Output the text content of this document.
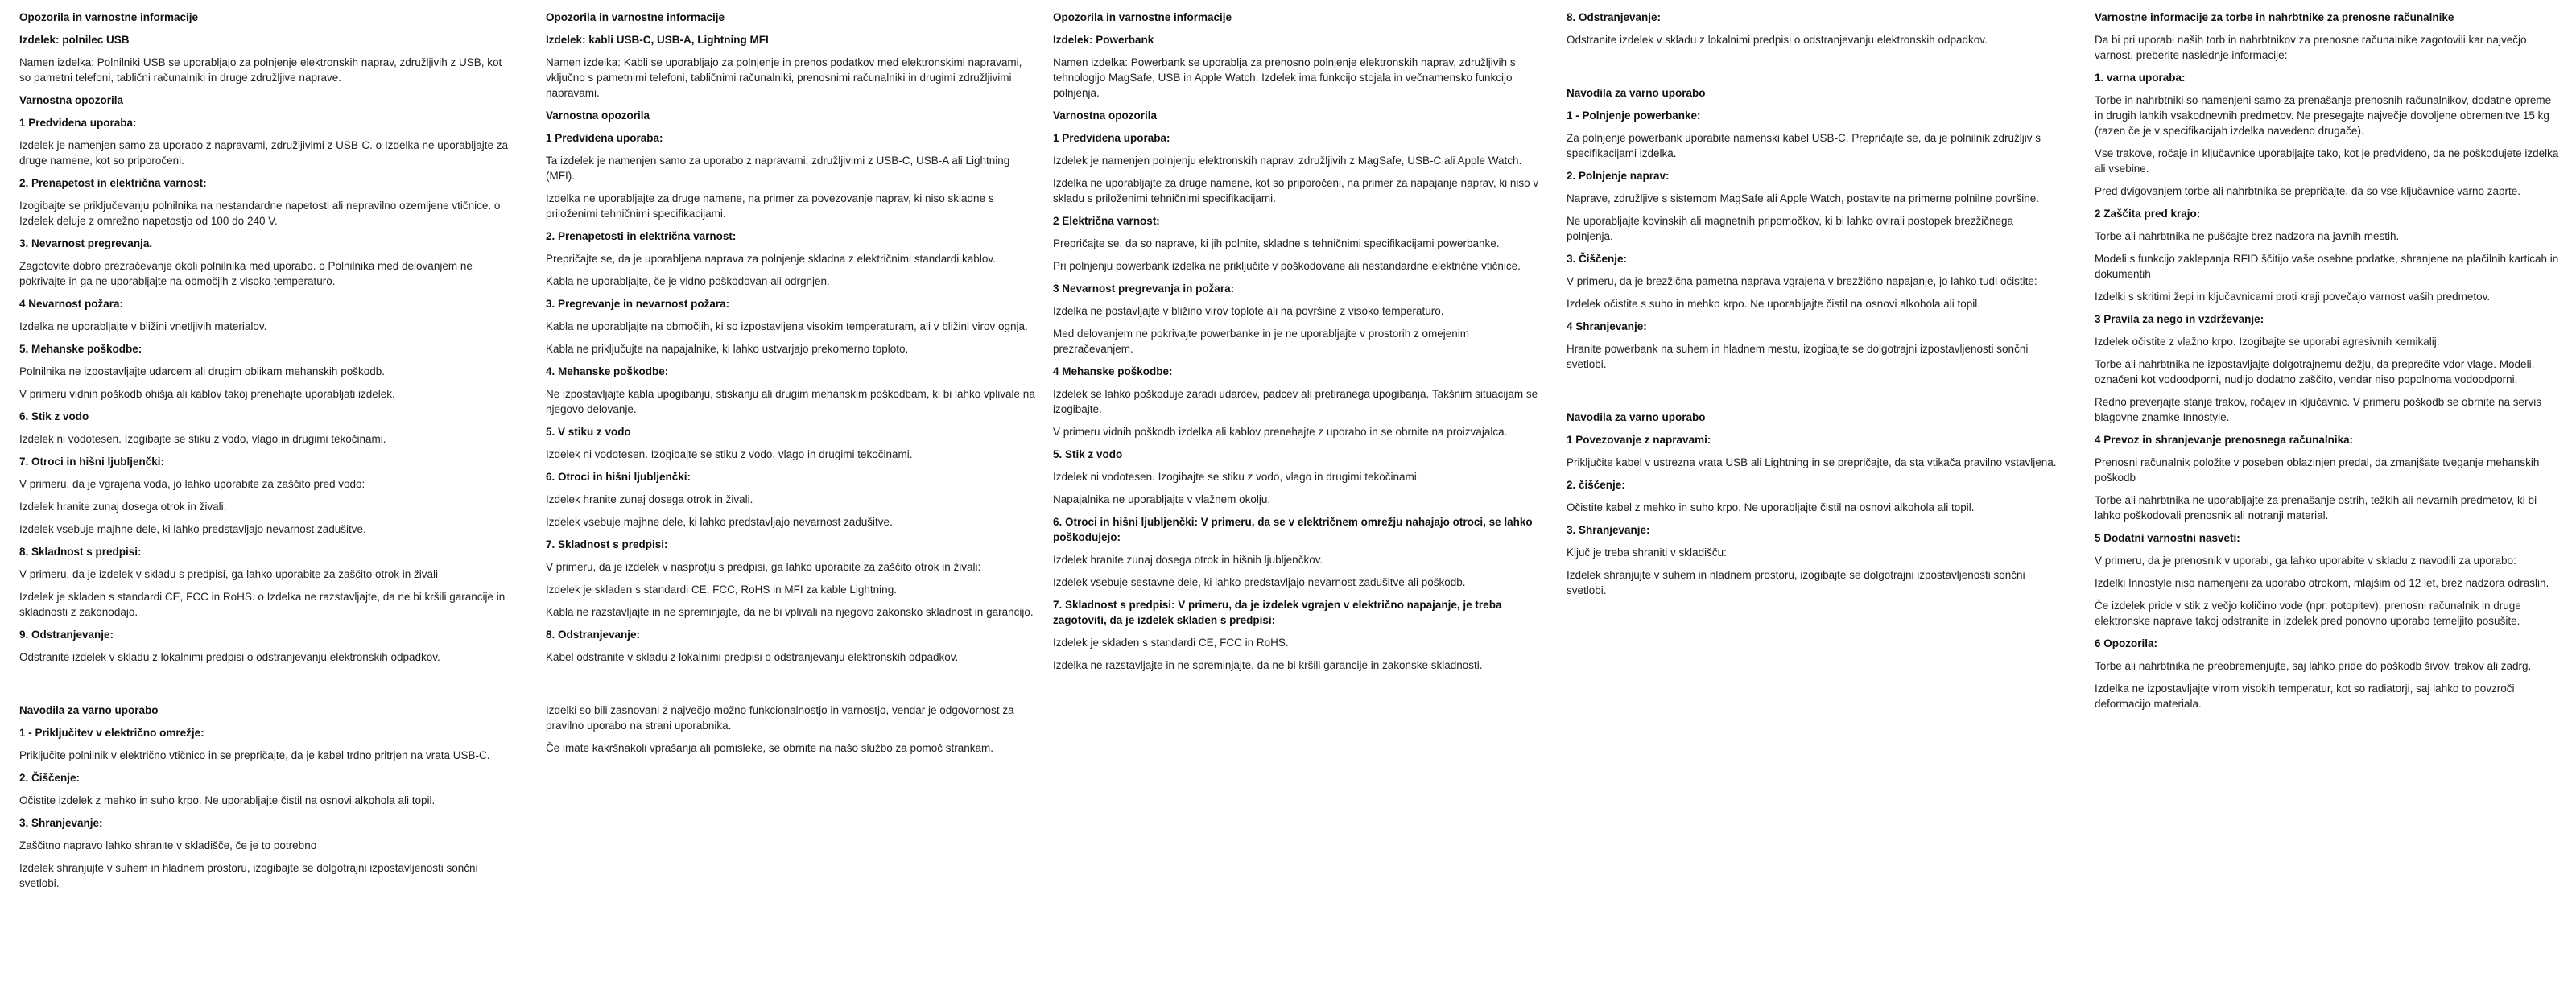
Opozorila in varnostne informacije
Izdelek: polnilec USB

Namen izdelka: Polnilniki USB se uporabljajo za polnjenje elektronskih naprav, združljivih z USB, kot so pametni telefoni, tablični računalniki in druge združljive naprave.

Varnostna opozorila
1 Predvidena uporaba:

Izdelek je namenjen samo za uporabo z napravami, združljivimi z USB-C. o Izdelka ne uporabljajte za druge namene, kot so priporočeni.

2. Prenapetost in električna varnost:

Izogibajte se priključevanju polnilnika na nestandardne napetosti ali nepravilno ozemljene vtičnice. o Izdelek deluje z omrežno napetostjo od 100 do 240 V.

3. Nevarnost pregrevanja.

Zagotovite dobro prezračevanje okoli polnilnika med uporabo. o Polnilnika med delovanjem ne pokrivajte in ga ne uporabljajte na območjih z visoko temperaturo.

4 Nevarnost požara:

Izdelka ne uporabljajte v bližini vnetljivih materialov.

5. Mehanske poškodbe:

Polnilnika ne izpostavljajte udarcem ali drugim oblikam mehanskih poškodb.

V primeru vidnih poškodb ohišja ali kablov takoj prenehajte uporabljati izdelek.

6. Stik z vodo

Izdelek ni vodotesen. Izogibajte se stiku z vodo, vlago in drugimi tekočinami.

7. Otroci in hišni ljubljenčki:

V primeru, da je vgrajena voda, jo lahko uporabite za zaščito pred vodo:

Izdelek hranite zunaj dosega otrok in živali.

Izdelek vsebuje majhne dele, ki lahko predstavljajo nevarnost zadušitve.

8. Skladnost s predpisi:

V primeru, da je izdelek v skladu s predpisi, ga lahko uporabite za zaščito otrok in živali

Izdelek je skladen s standardi CE, FCC in RoHS. o Izdelka ne razstavljajte, da ne bi kršili garancije in skladnosti z zakonodajo.

9. Odstranjevanje:

Odstranite izdelek v skladu z lokalnimi predpisi o odstranjevanju elektronskih odpadkov.

Navodila za varno uporabo
1 - Priključitev v električno omrežje:

Priključite polnilnik v električno vtičnico in se prepričajte, da je kabel trdno pritrjen na vrata USB-C.

2. Čiščenje:

Očistite izdelek z mehko in suho krpo. Ne uporabljajte čistil na osnovi alkohola ali topil.

3. Shranjevanje:

Zaščitno napravo lahko shranite v skladišče, če je to potrebno

Izdelek shranjujte v suhem in hladnem prostoru, izogibajte se dolgotrajni izpostavljenosti sončni svetlobi.

Opozorila in varnostne informacije
Izdelek: kabli USB-C, USB-A, Lightning MFI

Namen izdelka: Kabli se uporabljajo za polnjenje in prenos podatkov med elektronskimi napravami, vključno s pametnimi telefoni, tabličnimi računalniki, prenosnimi računalniki in drugimi združljivimi napravami.

Varnostna opozorila
1 Predvidena uporaba:

Ta izdelek je namenjen samo za uporabo z napravami, združljivimi z USB-C, USB-A ali Lightning (MFI).

Izdelka ne uporabljajte za druge namene, na primer za povezovanje naprav, ki niso skladne s priloženimi tehničnimi specifikacijami.

2. Prenapetosti in električna varnost:

Prepričajte se, da je uporabljena naprava za polnjenje skladna z električnimi standardi kablov.

Kabla ne uporabljajte, če je vidno poškodovan ali odrgnjen.

3. Pregrevanje in nevarnost požara:

Kabla ne uporabljajte na območjih, ki so izpostavljena visokim temperaturam, ali v bližini virov ognja.

Kabla ne priključujte na napajalnike, ki lahko ustvarjajo prekomerno toploto.

4. Mehanske poškodbe:

Ne izpostavljajte kabla upogibanju, stiskanju ali drugim mehanskim poškodbam, ki bi lahko vplivale na njegovo delovanje.

5. V stiku z vodo

Izdelek ni vodotesen. Izogibajte se stiku z vodo, vlago in drugimi tekočinami.

6. Otroci in hišni ljubljenčki:

Izdelek hranite zunaj dosega otrok in živali.

Izdelek vsebuje majhne dele, ki lahko predstavljajo nevarnost zadušitve.

7. Skladnost s predpisi:

V primeru, da je izdelek v nasprotju s predpisi, ga lahko uporabite za zaščito otrok in živali:

Izdelek je skladen s standardi CE, FCC, RoHS in MFI za kable Lightning.

Kabla ne razstavljajte in ne spreminjajte, da ne bi vplivali na njegovo zakonsko skladnost in garancijo.

8. Odstranjevanje:

Kabel odstranite v skladu z lokalnimi predpisi o odstranjevanju elektronskih odpadkov.

Izdelki so bili zasnovani z največjo možno funkcionalnostjo in varnostjo, vendar je odgovornost za pravilno uporabo na strani uporabnika.

Če imate kakršnakoli vprašanja ali pomisleke, se obrnite na našo službo za pomoč strankam.

Opozorila in varnostne informacije
Izdelek: Powerbank

Namen izdelka: Powerbank se uporablja za prenosno polnjenje elektronskih naprav, združljivih s tehnologijo MagSafe, USB in Apple Watch. Izdelek ima funkcijo stojala in večnamensko funkcijo polnjenja.

Varnostna opozorila
1 Predvidena uporaba:

Izdelek je namenjen polnjenju elektronskih naprav, združljivih z MagSafe, USB-C ali Apple Watch.

Izdelka ne uporabljajte za druge namene, kot so priporočeni, na primer za napajanje naprav, ki niso v skladu s priloženimi tehničnimi specifikacijami.

2 Električna varnost:

Prepričajte se, da so naprave, ki jih polnite, skladne s tehničnimi specifikacijami powerbanke.

Pri polnjenju powerbank izdelka ne priključite v poškodovane ali nestandardne električne vtičnice.

3 Nevarnost pregrevanja in požara:

Izdelka ne postavljajte v bližino virov toplote ali na površine z visoko temperaturo.

Med delovanjem ne pokrivajte powerbanke in je ne uporabljajte v prostorih z omejenim prezračevanjem.

4 Mehanske poškodbe:

Izdelek se lahko poškoduje zaradi udarcev, padcev ali pretiranega upogibanja. Takšnim situacijam se izogibajte.

V primeru vidnih poškodb izdelka ali kablov prenehajte z uporabo in se obrnite na proizvajalca.

5. Stik z vodo

Izdelek ni vodotesen. Izogibajte se stiku z vodo, vlago in drugimi tekočinami.

Napajalnika ne uporabljajte v vlažnem okolju.

6. Otroci in hišni ljubljenčki: V primeru, da se v električnem omrežju nahajajo otroci, se lahko poškodujejo:

Izdelek hranite zunaj dosega otrok in hišnih ljubljenčkov.

Izdelek vsebuje sestavne dele, ki lahko predstavljajo nevarnost zadušitve ali poškodb.

7. Skladnost s predpisi: V primeru, da je izdelek vgrajen v električno napajanje, je treba zagotoviti, da je izdelek skladen s predpisi:

Izdelek je skladen s standardi CE, FCC in RoHS.

Izdelka ne razstavljajte in ne spreminjajte, da ne bi kršili garancije in zakonske skladnosti.

8. Odstranjevanje:

Odstranite izdelek v skladu z lokalnimi predpisi o odstranjevanju elektronskih odpadkov.

Navodila za varno uporabo
1 - Polnjenje powerbanke:

Za polnjenje powerbank uporabite namenski kabel USB-C. Prepričajte se, da je polnilnik združljiv s specifikacijami izdelka.

2. Polnjenje naprav:

Naprave, združljive s sistemom MagSafe ali Apple Watch, postavite na primerne polnilne površine.

Ne uporabljajte kovinskih ali magnetnih pripomočkov, ki bi lahko ovirali postopek brezžičnega polnjenja.

3. Čiščenje:

V primeru, da je brezžična pametna naprava vgrajena v brezžično napajanje, jo lahko tudi očistite:

Izdelek očistite s suho in mehko krpo. Ne uporabljajte čistil na osnovi alkohola ali topil.

4 Shranjevanje:

Hranite powerbank na suhem in hladnem mestu, izogibajte se dolgotrajni izpostavljenosti sončni svetlobi.

Navodila za varno uporabo
1 Povezovanje z napravami:

Priključite kabel v ustrezna vrata USB ali Lightning in se prepričajte, da sta vtikača pravilno vstavljena.

2. čiščenje:

Očistite kabel z mehko in suho krpo. Ne uporabljajte čistil na osnovi alkohola ali topil.

3. Shranjevanje:

Ključ je treba shraniti v skladišču:

Izdelek shranjujte v suhem in hladnem prostoru, izogibajte se dolgotrajni izpostavljenosti sončni svetlobi.

Varnostne informacije za torbe in nahrbtnike za prenosne računalnike

Da bi pri uporabi naših torb in nahrbtnikov za prenosne računalnike zagotovili kar največjo varnost, preberite naslednje informacije:

1. varna uporaba:

Torbe in nahrbtniki so namenjeni samo za prenašanje prenosnih računalnikov, dodatne opreme in drugih lahkih vsakodnevnih predmetov. Ne presegajte največje dovoljene obremenitve 15 kg (razen če je v specifikacijah izdelka navedeno drugače).

Vse trakove, ročaje in ključavnice uporabljajte tako, kot je predvideno, da ne poškodujete izdelka ali vsebine.

Pred dvigovanjem torbe ali nahrbtnika se prepričajte, da so vse ključavnice varno zaprte.

2 Zaščita pred krajo:

Torbe ali nahrbtnika ne puščajte brez nadzora na javnih mestih.

Modeli s funkcijo zaklepanja RFID ščitijo vaše osebne podatke, shranjene na plačilnih karticah in dokumentih

Izdelki s skritimi žepi in ključavnicami proti kraji povečajo varnost vaših predmetov.

3 Pravila za nego in vzdrževanje:

Izdelek očistite z vlažno krpo. Izogibajte se uporabi agresivnih kemikalij.

Torbe ali nahrbtnika ne izpostavljajte dolgotrajnemu dežju, da preprečite vdor vlage. Modeli, označeni kot vodoodporni, nudijo dodatno zaščito, vendar niso popolnoma vodoodporni.

Redno preverjajte stanje trakov, ročajev in ključavnic. V primeru poškodb se obrnite na servis blagovne znamke Innostyle.

4 Prevoz in shranjevanje prenosnega računalnika:

Prenosni računalnik položite v poseben oblazinjen predal, da zmanjšate tveganje mehanskih poškodb

Torbe ali nahrbtnika ne uporabljajte za prenašanje ostrih, težkih ali nevarnih predmetov, ki bi lahko poškodovali prenosnik ali notranji material.

5 Dodatni varnostni nasveti:

V primeru, da je prenosnik v uporabi, ga lahko uporabite v skladu z navodili za uporabo:

Izdelki Innostyle niso namenjeni za uporabo otrokom, mlajšim od 12 let, brez nadzora odraslih.

Če izdelek pride v stik z večjo količino vode (npr. potopitev), prenosni računalnik in druge elektronske naprave takoj odstranite in izdelek pred ponovno uporabo temeljito posušite.

6 Opozorila:

Torbe ali nahrbtnika ne preobremenjujte, saj lahko pride do poškodb šivov, trakov ali zadrg.

Izdelka ne izpostavljajte virom visokih temperatur, kot so radiatorji, saj lahko to povzroči deformacijo materiala.
